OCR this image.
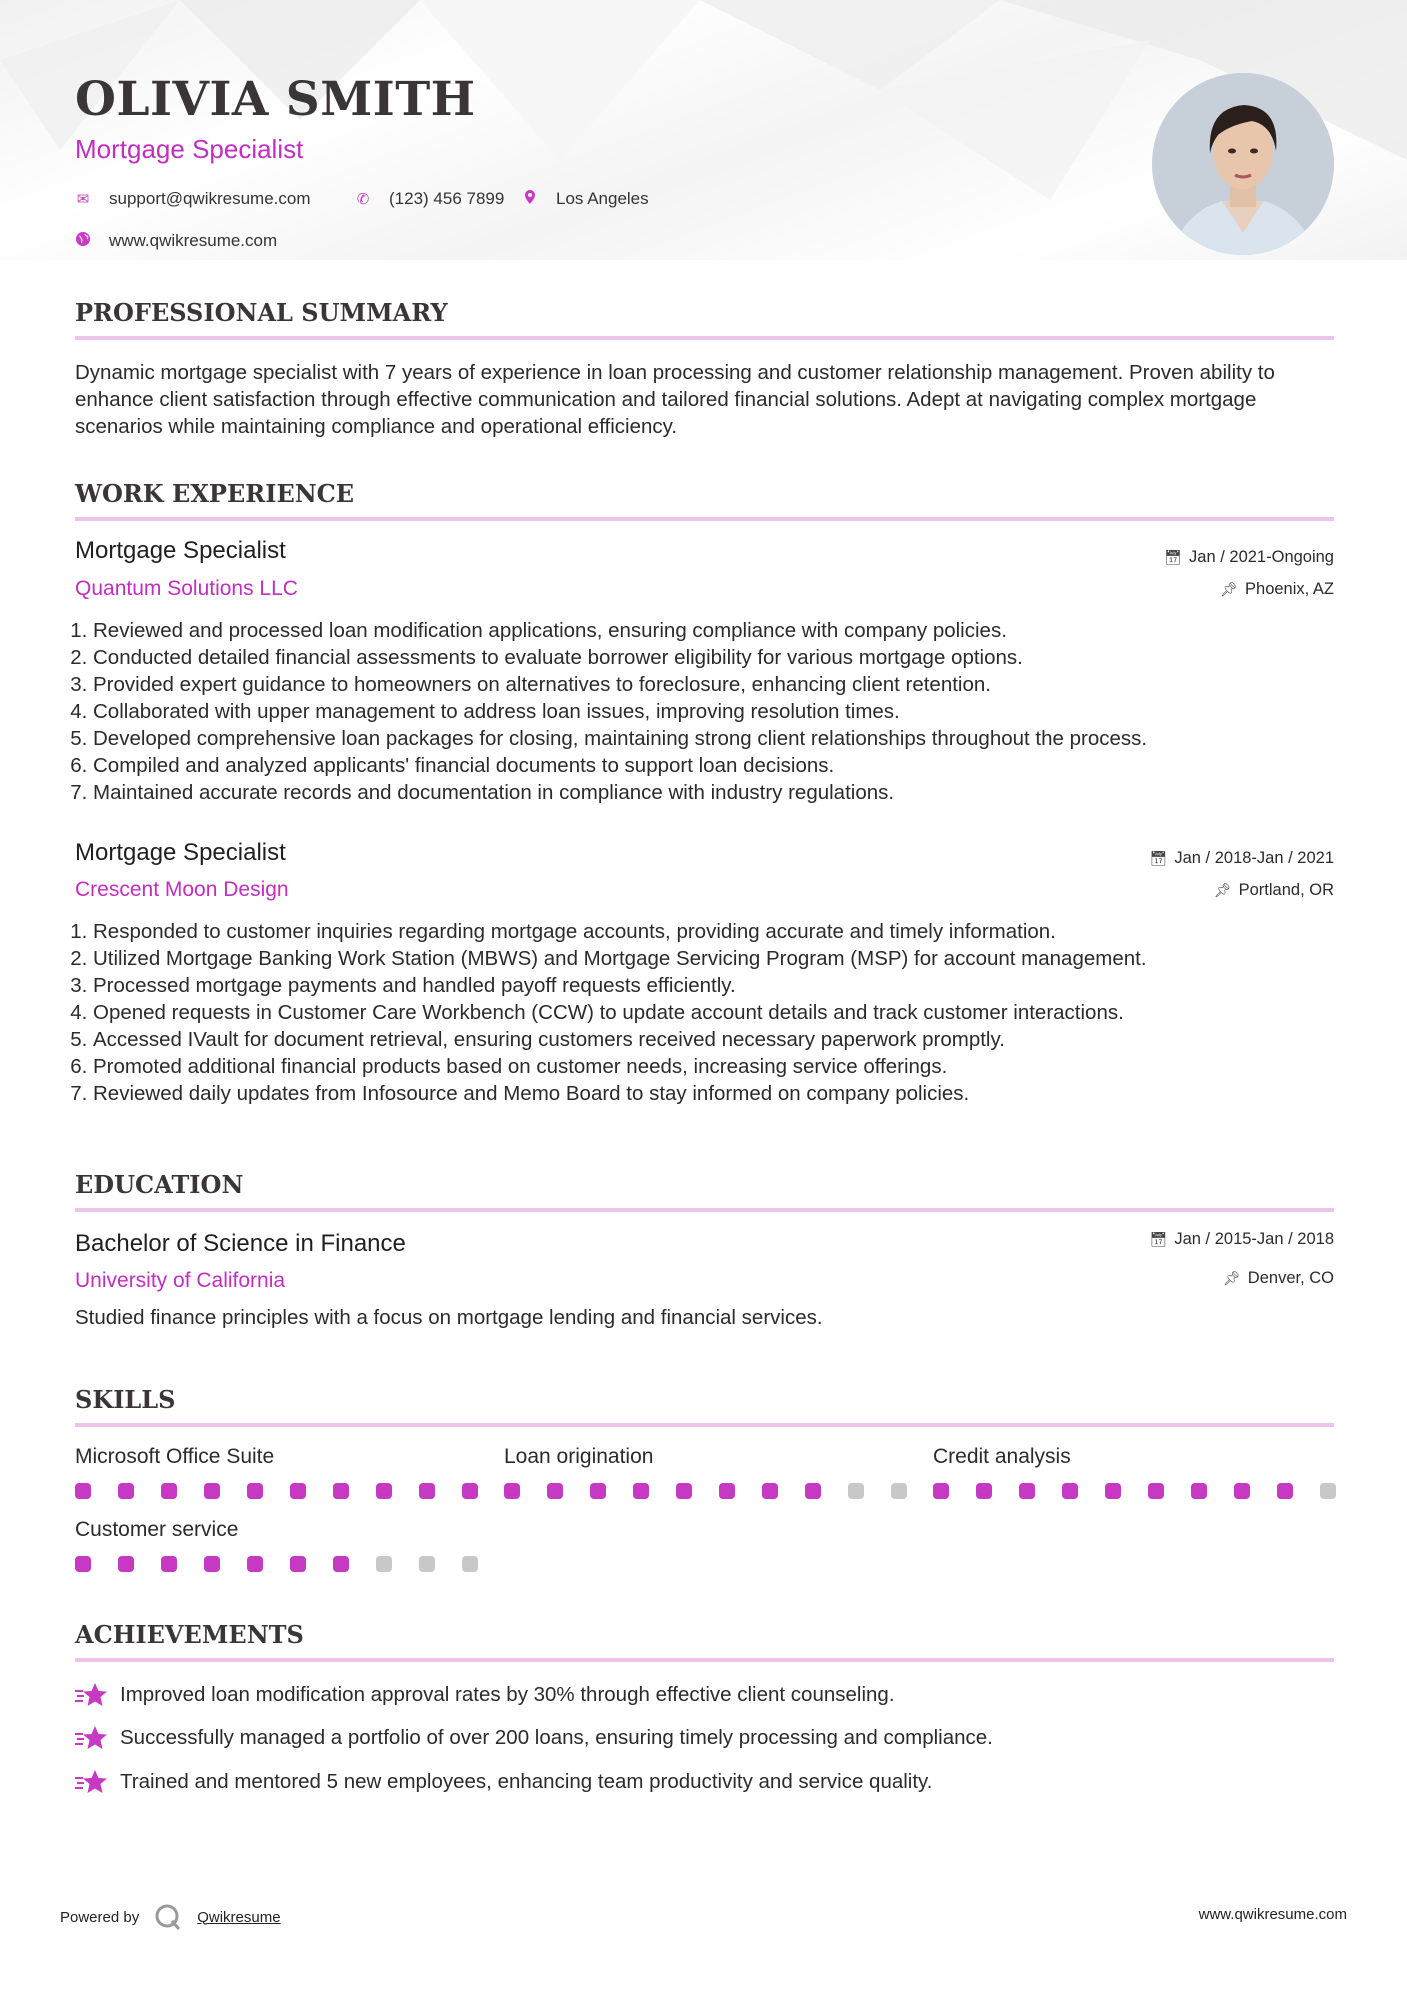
OLIVIA SMITH
Mortgage Specialist
✉ support@qwikresume.com	✆ (123) 456 7899	Los Angeles
www.qwikresume.com
PROFESSIONAL SUMMARY
Dynamic mortgage specialist with 7 years of experience in loan processing and customer relationship management. Proven ability to enhance client satisfaction through effective communication and tailored financial solutions. Adept at navigating complex mortgage scenarios while maintaining compliance and operational efficiency.
WORK EXPERIENCE
Mortgage Specialist
Quantum Solutions LLC
📅︎ Jan / 2021-Ongoing
📌︎ Phoenix, AZ
1. Reviewed and processed loan modification applications, ensuring compliance with company policies.
2. Conducted detailed financial assessments to evaluate borrower eligibility for various mortgage options.
3. Provided expert guidance to homeowners on alternatives to foreclosure, enhancing client retention.
4. Collaborated with upper management to address loan issues, improving resolution times.
5. Developed comprehensive loan packages for closing, maintaining strong client relationships throughout the process.
6. Compiled and analyzed applicants' financial documents to support loan decisions.
7. Maintained accurate records and documentation in compliance with industry regulations.
Mortgage Specialist
Crescent Moon Design
📅︎ Jan / 2018-Jan / 2021
📌︎ Portland, OR
1. Responded to customer inquiries regarding mortgage accounts, providing accurate and timely information.
2. Utilized Mortgage Banking Work Station (MBWS) and Mortgage Servicing Program (MSP) for account management.
3. Processed mortgage payments and handled payoff requests efficiently.
4. Opened requests in Customer Care Workbench (CCW) to update account details and track customer interactions.
5. Accessed IVault for document retrieval, ensuring customers received necessary paperwork promptly.
6. Promoted additional financial products based on customer needs, increasing service offerings.
7. Reviewed daily updates from Infosource and Memo Board to stay informed on company policies.
EDUCATION
Bachelor of Science in Finance
University of California
📅︎ Jan / 2015-Jan / 2018
📌︎ Denver, CO
Studied finance principles with a focus on mortgage lending and financial services.
SKILLS
Microsoft Office Suite	Loan origination	Credit analysis
Customer service
ACHIEVEMENTS
Improved loan modification approval rates by 30% through effective client counseling.
Successfully managed a portfolio of over 200 loans, ensuring timely processing and compliance.
Trained and mentored 5 new employees, enhancing team productivity and service quality.
Powered by	Qwikresume	www.qwikresume.com
